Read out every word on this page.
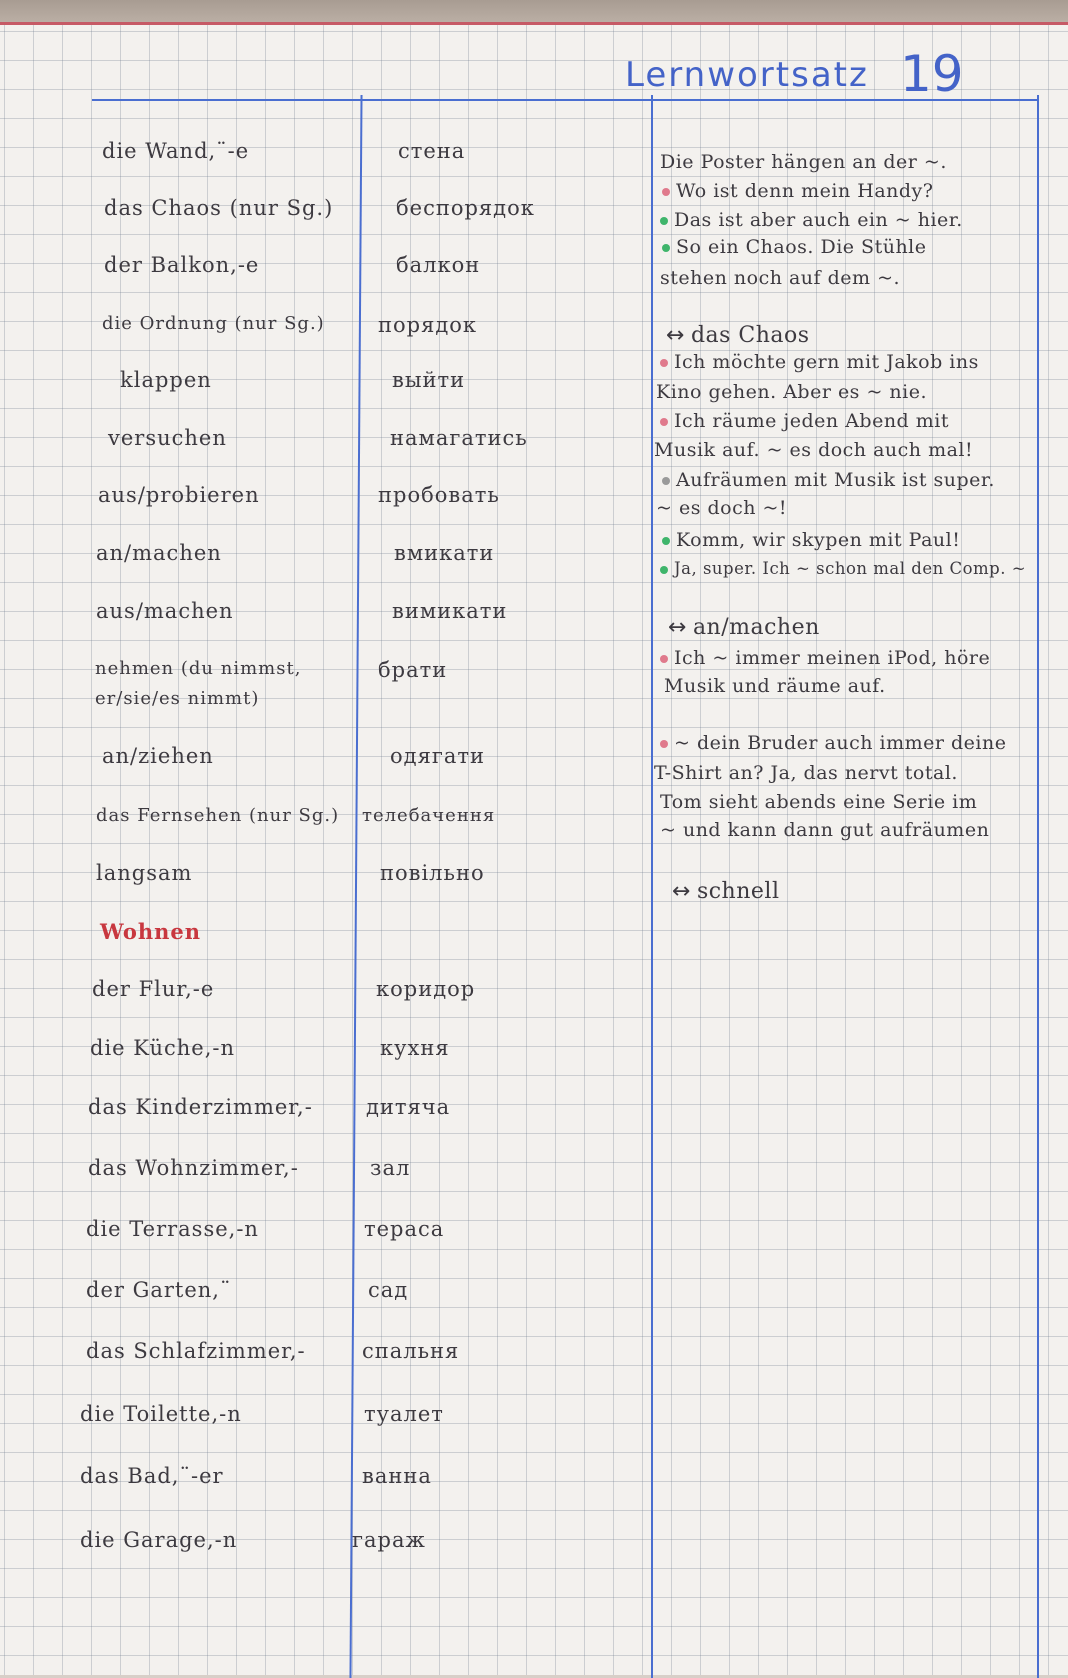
Lernwortsatz 19
die Wand,¨-e
das Chaos (nur Sg.)
der Balkon,-e
die Ordnung (nur Sg.)
klappen
versuchen
aus/probieren
an/machen
aus/machen
nehmen (du nimmst,
er/sie/es nimmt)
an/ziehen
das Fernsehen (nur Sg.)
langsam
стена
беспорядок
балкон
порядок
выйти
намагатись
пробовать
вмикати
вимикати
брати
одягати
телебачення
повільно
Wohnen
der Flur,-e
die Küche,-n
das Kinderzimmer,-
das Wohnzimmer,-
die Terrasse,-n
der Garten,¨
das Schlafzimmer,-
die Toilette,-n
das Bad,¨-er
die Garage,-n
коридор
кухня
дитяча
зал
тераса
сад
спальня
туалет
ванна
гараж
Die Poster hängen an der ~.
Wo ist denn mein Handy?
Das ist aber auch ein ~ hier.
So ein Chaos. Die Stühle
stehen noch auf dem ~.
↔ das Chaos
Ich möchte gern mit Jakob ins
Kino gehen. Aber es ~ nie.
Ich räume jeden Abend mit
Musik auf. ~ es doch auch mal!
Aufräumen mit Musik ist super.
~ es doch ~!
Komm, wir skypen mit Paul!
Ja, super. Ich ~ schon mal den Comp. ~
↔ an/machen
Ich ~ immer meinen iPod, höre
Musik und räume auf.
~ dein Bruder auch immer deine
T-Shirt an? Ja, das nervt total.
Tom sieht abends eine Serie im
~ und kann dann gut aufräumen
↔ schnell
